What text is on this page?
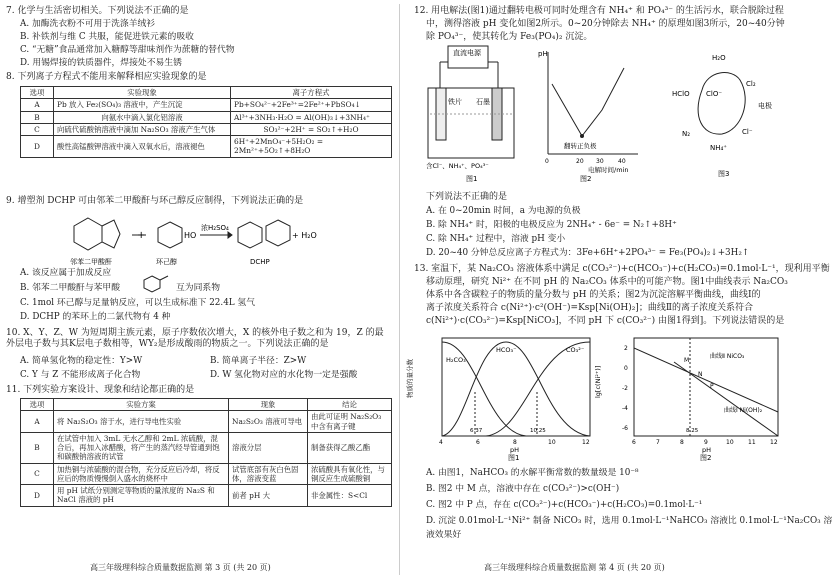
7. 化学与生活密切相关。下列说法不正确的是
A. 加酶洗衣粉不可用于洗涤羊绒衫
B. 补铁剂与维 C 共服，能促进铁元素的吸收
C. “无糖”食品通常加入糖醇等甜味剂作为蔗糖的替代物
D. 用锡焊接的铁质器件，焊接处不易生锈
8. 下列离子方程式不能用来解释相应实验现象的是
选项	实验现象	离子方程式
A	Pb 放入 Fe₂(SO₄)₃ 溶液中，产生沉淀	Pb+SO₄²⁻+2Fe³⁺=2Fe²⁺+PbSO₄↓
B	向氨水中滴入氯化铝溶液	Al³⁺+3NH₃·H₂O = Al(OH)₃↓+3NH₄⁺
C	向硫代硫酸钠溶液中滴加 Na₂SO₃ 溶液产生气体	SO₃²⁻+2H⁺ = SO₂↑+H₂O
D	酸性高锰酸钾溶液中滴入双氧水后，溶液褪色	6H⁺+2MnO₄⁻+5H₂O₂ = 2Mn²⁺+5O₂↑+8H₂O
9. 增塑剂 DCHP 可由邻苯二甲酸酐与环己醇反应制得，下列说法正确的是
+	HO
浓H₂SO₄
+ H₂O
邻苯二甲酸酐	环己醇	DCHP
A. 该反应属于加成反应
B. 邻苯二甲酸酐与苯甲酸	互为同系物
C. 1mol 环己醇与足量钠反应，可以生成标准下 22.4L 氢气
D. DCHP 的苯环上的二氯代物有 4 种
10. X、Y、Z、W 为短周期主族元素，原子序数依次增大，X 的核外电子数之和为 19，Z 的最外层电子数与其K层电子数相等，WY₂是形成酸雨的物质之一。下列说法正确的是
A. 简单氢化物的稳定性：Y>W	B. 简单离子半径：Z>W
C. Y 与 Z 不能形成离子化合物	D. W 氢化物对应的水化物一定是强酸
11. 下列实验方案设计、现象和结论都正确的是
选项	实验方案	现象	结论
A	将 Na₂S₂O₃ 溶于水，进行导电性实验	Na₂S₂O₃ 溶液可导电	由此可证明 Na₂S₂O₃ 中含有离子键
B	在试管中加入 3mL 无水乙醇和 2mL 浓硫酸，混合后，再加入冰醋酸，将产生的蒸汽经导管通到饱和碳酸钠溶液的试管	溶液分层	制备获得乙酸乙酯
C	加热铜与浓硫酸的混合物，充分反应后冷却，将反应后的物质慢慢倒入盛水的烧杯中	试管底部有灰白色固体，溶液变蓝	浓硫酸具有氧化性，与铜反应生成硫酸铜
D	用 pH 试纸分别测定等物质的量浓度的 Na₂S 和 NaCl 溶液的 pH	前者 pH 大	非金属性：S<Cl
高三年级理科综合质量数据监测 第 3 页 (共 20 页)
12. 用电解法(图1)通过翻转电极可同时处理含有 NH₄⁺ 和 PO₄³⁻ 的生活污水，联合脱除过程
中，测得溶液 pH 变化如图2所示。0~20分钟除去 NH₄⁺ 的原理如图3所示，20~40分钟
除 PO₄³⁻，使其转化为 Fe₃(PO₄)₂ 沉淀。
直流电源
铁片 石墨
含Cl⁻、NH₄⁺、PO₄³⁻
图1
pH
0	20 30 40
翻转正负极
电解时间/min
图2
H₂O
HClO ClO⁻
Cl₂
N₂
NH₄⁺
Cl⁻
电极
图3
下列说法不正确的是
A. 在 0~20min 时间，a 为电源的负极
B. 除 NH₄⁺ 时，阳极的电极反应为 2NH₄⁺ - 6e⁻ = N₂↑+8H⁺
C. 除 NH₄⁺ 过程中，溶液 pH 变小
D. 20~40 分钟总反应离子方程式为：3Fe+6H⁺+2PO₄³⁻ = Fe₃(PO₄)₂↓+3H₂↑
13. 室温下，某 Na₂CO₃ 溶液体系中满足 c(CO₃²⁻)+c(HCO₃⁻)+c(H₂CO₃)=0.1mol·L⁻¹，现利用平衡
移动原理，研究 Ni²⁺ 在不同 pH 的 Na₂CO₃ 体系中的可能产物。图1中曲线表示 Na₂CO₃
体系中各含碳粒子的物质的量分数与 pH 的关系；图2为沉淀溶解平衡曲线，曲线Ⅰ的
离子浓度关系符合 c(Ni²⁺)·c²(OH⁻)=Ksp[Ni(OH)₂]；曲线Ⅱ的离子浓度关系符合
c(Ni²⁺)·c(CO₃²⁻)=Ksp[NiCO₃]，不同 pH 下 c(CO₃²⁻) 由图1得到]。下列说法错误的是
物质的量分数	H₂CO₃
HCO₃⁻	CO₃²⁻
6.37	10.25
4	6	8	10	12
pH
图1
lg[c(Ni²⁺)]
M
N
P
曲线Ⅱ NiCO₃
曲线Ⅰ Ni(OH)₂
8.25
2
0
-2
-4
-6
6	7	8	9	10 11 12
pH
图2
A. 由图1，NaHCO₃ 的水解平衡常数的数量级是 10⁻⁸
B. 图2 中 M 点，溶液中存在 c(CO₃²⁻)>c(OH⁻)
C. 图2 中 P 点，存在 c(CO₃²⁻)+c(HCO₃⁻)+c(H₂CO₃)=0.1mol·L⁻¹
D. 沉淀 0.01mol·L⁻¹Ni²⁺ 制备 NiCO₃ 时，选用 0.1mol·L⁻¹NaHCO₃ 溶液比 0.1mol·L⁻¹Na₂CO₃ 溶
液效果好
高三年级理科综合质量数据监测 第 4 页 (共 20 页)
